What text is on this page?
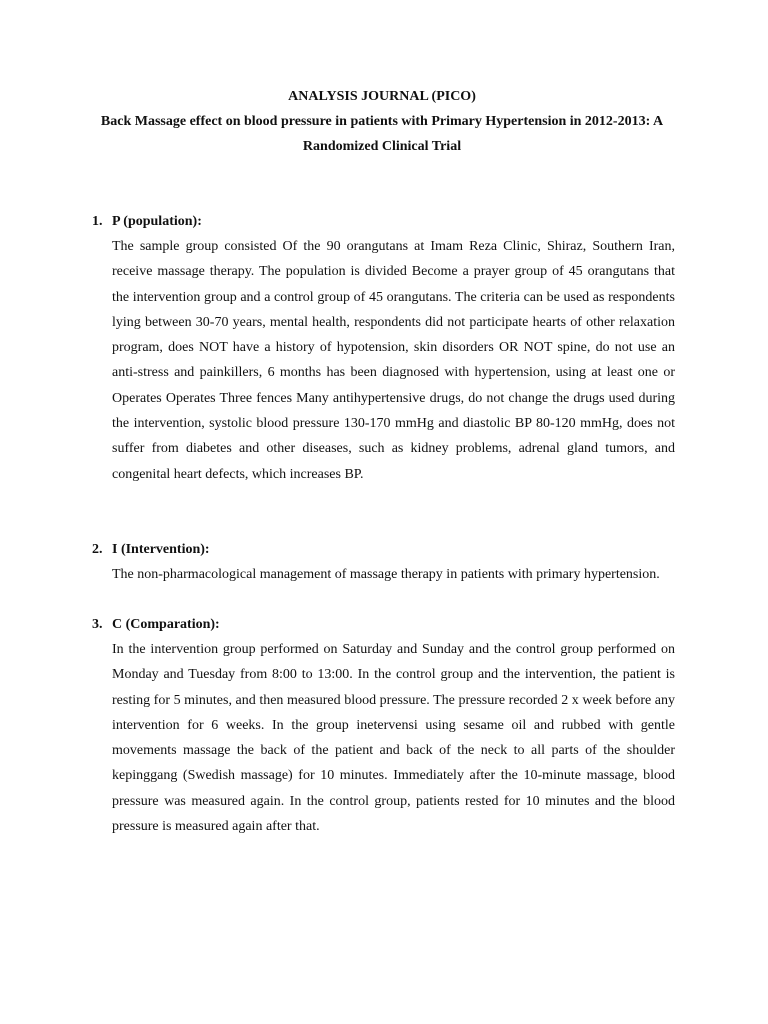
ANALYSIS JOURNAL (PICO)
Back Massage effect on blood pressure in patients with Primary Hypertension in 2012-2013: A Randomized Clinical Trial

1. P (population):

The sample group consisted Of the 90 orangutans at Imam Reza Clinic, Shiraz, Southern Iran, receive massage therapy. The population is divided Become a prayer group of 45 orangutans that the intervention group and a control group of 45 orangutans. The criteria can be used as respondents lying between 30-70 years, mental health, respondents did not participate hearts of other relaxation program, does NOT have a history of hypotension, skin disorders OR NOT spine, do not use an anti-stress and painkillers, 6 months has been diagnosed with hypertension, using at least one or Operates Operates Three fences Many antihypertensive drugs, do not change the drugs used during the intervention, systolic blood pressure 130-170 mmHg and diastolic BP 80-120 mmHg, does not suffer from diabetes and other diseases, such as kidney problems, adrenal gland tumors, and congenital heart defects, which increases BP.

2. I (Intervention):

The non-pharmacological management of massage therapy in patients with primary hypertension.

3. C (Comparation):

In the intervention group performed on Saturday and Sunday and the control group performed on Monday and Tuesday from 8:00 to 13:00. In the control group and the intervention, the patient is resting for 5 minutes, and then measured blood pressure. The pressure recorded 2 x week before any intervention for 6 weeks. In the group inetervensi using sesame oil and rubbed with gentle movements massage the back of the patient and back of the neck to all parts of the shoulder kepinggang (Swedish massage) for 10 minutes. Immediately after the 10-minute massage, blood pressure was measured again. In the control group, patients rested for 10 minutes and the blood pressure is measured again after that.
